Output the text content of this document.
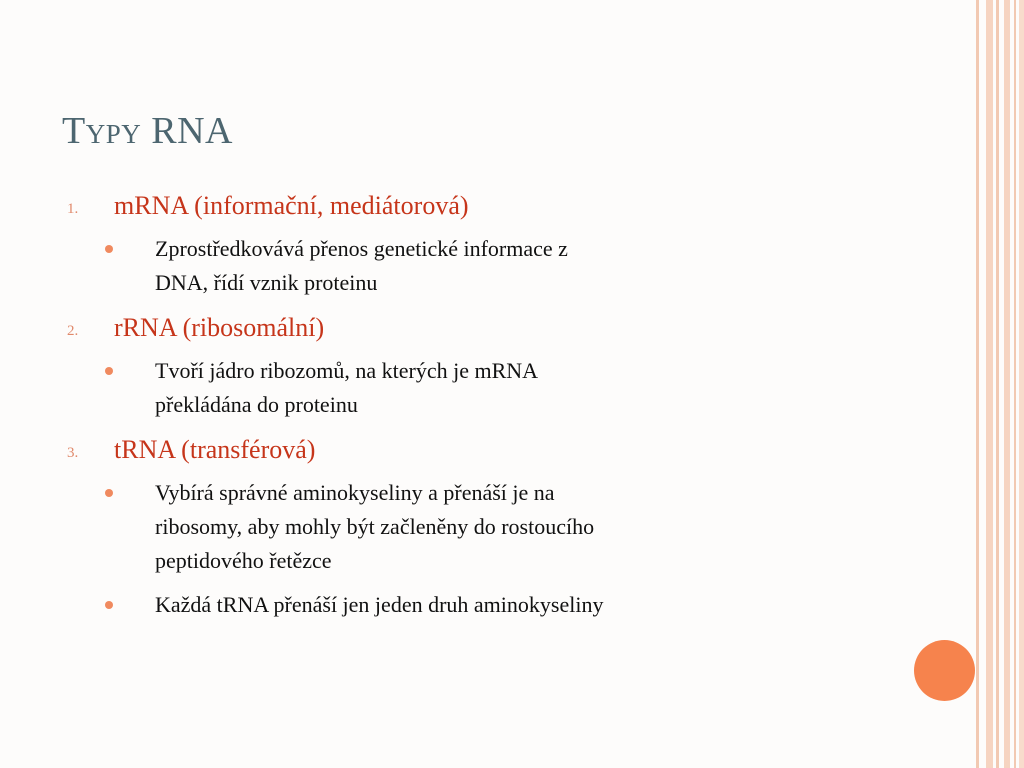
Typy RNA
1. mRNA (informační, mediátorová)
Zprostředkovává přenos genetické informace z
DNA, řídí vznik proteinu
2. rRNA (ribosomální)
Tvoří jádro ribozomů, na kterých je mRNA
překládána do proteinu
3. tRNA (transférová)
Vybírá správné aminokyseliny a přenáší je na
ribosomy, aby mohly být začleněny do rostoucího
peptidového řetězce
Každá tRNA přenáší jen jeden druh aminokyseliny
